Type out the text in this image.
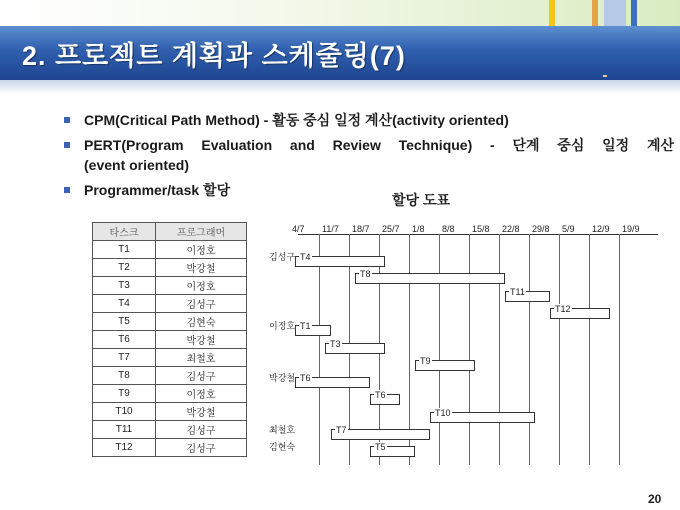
2. 프로젝트 계획과 스케줄링(7)
CPM(Critical Path Method) - 활동 중심 일정 계산(activity oriented)
PERT(Program Evaluation and Review Technique) - 단계 중심 일정 계산
(event oriented)
Programmer/task 할당
할당 도표
타스크	프로그래머
T1	이정호
T2	박강철
T3	이정호
T4	김성구
T5	김현숙
T6	박강철
T7	최철호
T8	김성구
T9	이정호
T10	박강철
T11	김성구
T12	김성구
4/7 11/7 18/7 25/7 1/8 8/8 15/8 22/8 29/8 5/9 12/9 19/9
김성구
이정호
박강철
최철호
김현숙
T4
T8
T11
T12
T1
T3
T9
T6
T5
T6
T10
T7
20
